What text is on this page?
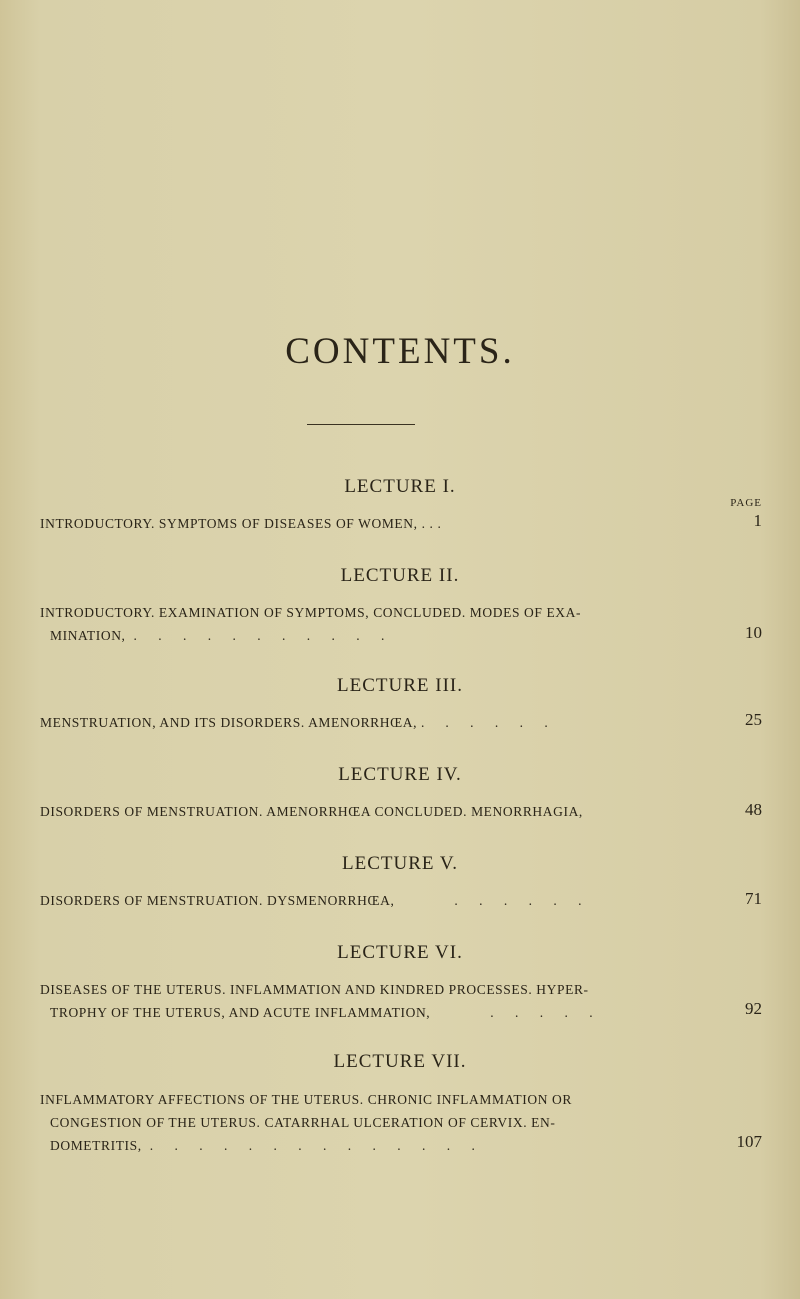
CONTENTS.
PAGE
LECTURE I.
INTRODUCTORY. SYMPTOMS OF DISEASES OF WOMEN, . . .	1
LECTURE II.
INTRODUCTORY. EXAMINATION OF SYMPTOMS, CONCLUDED. MODES OF EXA-
MINATION, . . . . . . . . . . .	10
LECTURE III.
MENSTRUATION, AND ITS DISORDERS. AMENORRHŒA, . . . . . .	25
LECTURE IV.
DISORDERS OF MENSTRUATION. AMENORRHŒA CONCLUDED. MENORRHAGIA,	48
LECTURE V.
DISORDERS OF MENSTRUATION. DYSMENORRHŒA,	. . . . . .	71
LECTURE VI.
DISEASES OF THE UTERUS. INFLAMMATION AND KINDRED PROCESSES. HYPER-
TROPHY OF THE UTERUS, AND ACUTE INFLAMMATION,	. . . . .	92
LECTURE VII.
INFLAMMATORY AFFECTIONS OF THE UTERUS. CHRONIC INFLAMMATION OR
CONGESTION OF THE UTERUS. CATARRHAL ULCERATION OF CERVIX. EN-
DOMETRITIS, . . . . . . . . . . . . . .	107
